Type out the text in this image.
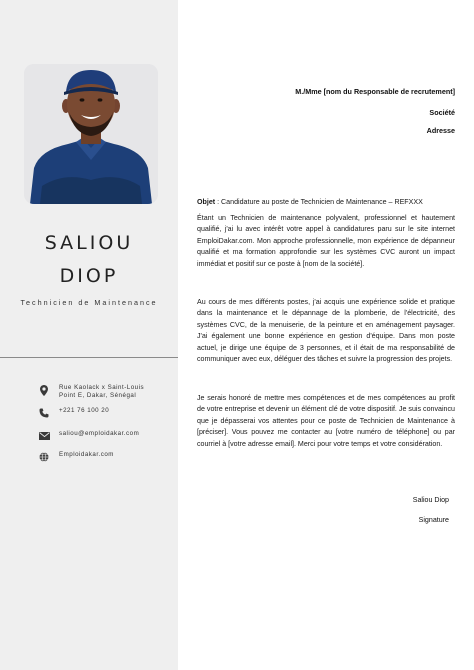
SALIOU
DIOP
Technicien de Maintenance
Rue Kaolack x Saint-Louis Point E, Dakar, Sénégal
+221 76 100 20
saliou@emploidakar.com
Emploidakar.com
M./Mme [nom du Responsable de recrutement]
Société
Adresse
Objet : Candidature au poste de Technicien de Maintenance – REFXXX

Étant un Technicien de maintenance polyvalent, professionnel et hautement qualifié, j'ai lu avec intérêt votre appel à candidatures paru sur le site internet EmploiDakar.com. Mon approche professionnelle, mon expérience de dépanneur qualifié et ma formation approfondie sur les systèmes CVC auront un impact immédiat et positif sur ce poste à [nom de la société].

Au cours de mes différents postes, j'ai acquis une expérience solide et pratique dans la maintenance et le dépannage de la plomberie, de l'électricité, des systèmes CVC, de la menuiserie, de la peinture et en aménagement paysager. J'ai également une bonne expérience en gestion d'équipe. Dans mon poste actuel, je dirige une équipe de 3 personnes, et il était de ma responsabilité de communiquer avec eux, déléguer des tâches et suivre la progression des projets.

Je serais honoré de mettre mes compétences et de mes compétences au profit de votre entreprise et devenir un élément clé de votre dispositif. Je suis convaincu que je dépasserai vos attentes pour ce poste de Technicien de Maintenance à [préciser]. Vous pouvez me contacter au [votre numéro de téléphone] ou par courriel à [votre adresse email]. Merci pour votre temps et votre considération.

Saliou Diop
Signature
